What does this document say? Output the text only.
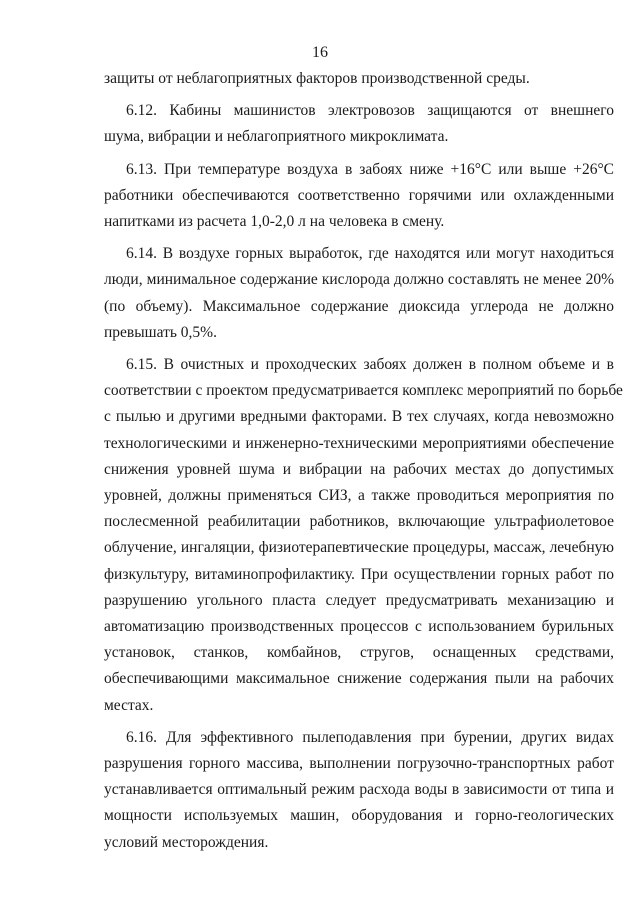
16
защиты от неблагоприятных факторов производственной среды.
6.12. Кабины машинистов электровозов защищаются от внешнего
шума, вибрации и неблагоприятного микроклимата.
6.13. При температуре воздуха в забоях ниже +16°С или выше +26°С
работники обеспечиваются соответственно горячими или охлажденными
напитками из расчета 1,0-2,0 л на человека в смену.
6.14. В воздухе горных выработок, где находятся или могут находиться
люди, минимальное содержание кислорода должно составлять не менее 20%
(по объему). Максимальное содержание диоксида углерода не должно
превышать 0,5%.
6.15. В очистных и проходческих забоях должен в полном объеме и в
соответствии с проектом предусматривается комплекс мероприятий по борьбе
с пылью и другими вредными факторами. В тех случаях, когда невозможно
технологическими и инженерно-техническими мероприятиями обеспечение
снижения уровней шума и вибрации на рабочих местах до допустимых
уровней, должны применяться СИЗ, а также проводиться мероприятия по
послесменной реабилитации работников, включающие ультрафиолетовое
облучение, ингаляции, физиотерапевтические процедуры, массаж, лечебную
физкультуру, витаминопрофилактику. При осуществлении горных работ по
разрушению угольного пласта следует предусматривать механизацию и
автоматизацию производственных процессов с использованием бурильных
установок, станков, комбайнов, стругов, оснащенных средствами,
обеспечивающими максимальное снижение содержания пыли на рабочих
местах.
6.16. Для эффективного пылеподавления при бурении, других видах
разрушения горного массива, выполнении погрузочно-транспортных работ
устанавливается оптимальный режим расхода воды в зависимости от типа и
мощности используемых машин, оборудования и горно-геологических
условий месторождения.
